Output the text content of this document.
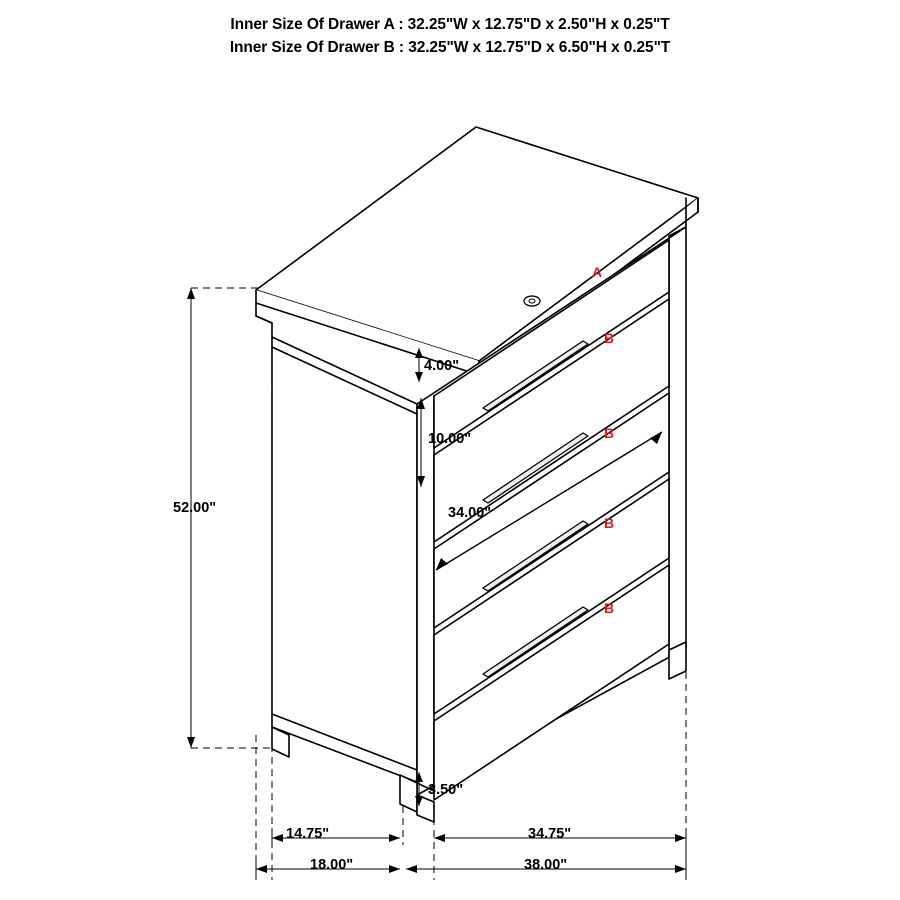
Inner Size Of Drawer A : 32.25"W x 12.75"D x 2.50"H x 0.25"T
Inner Size Of Drawer B : 32.25"W x 12.75"D x 6.50"H x 0.25"T
52.00"
4.00"
10.00"
34.00"
3.50"
14.75"	34.75"
18.00"	38.00"
A
B
B
B
B
